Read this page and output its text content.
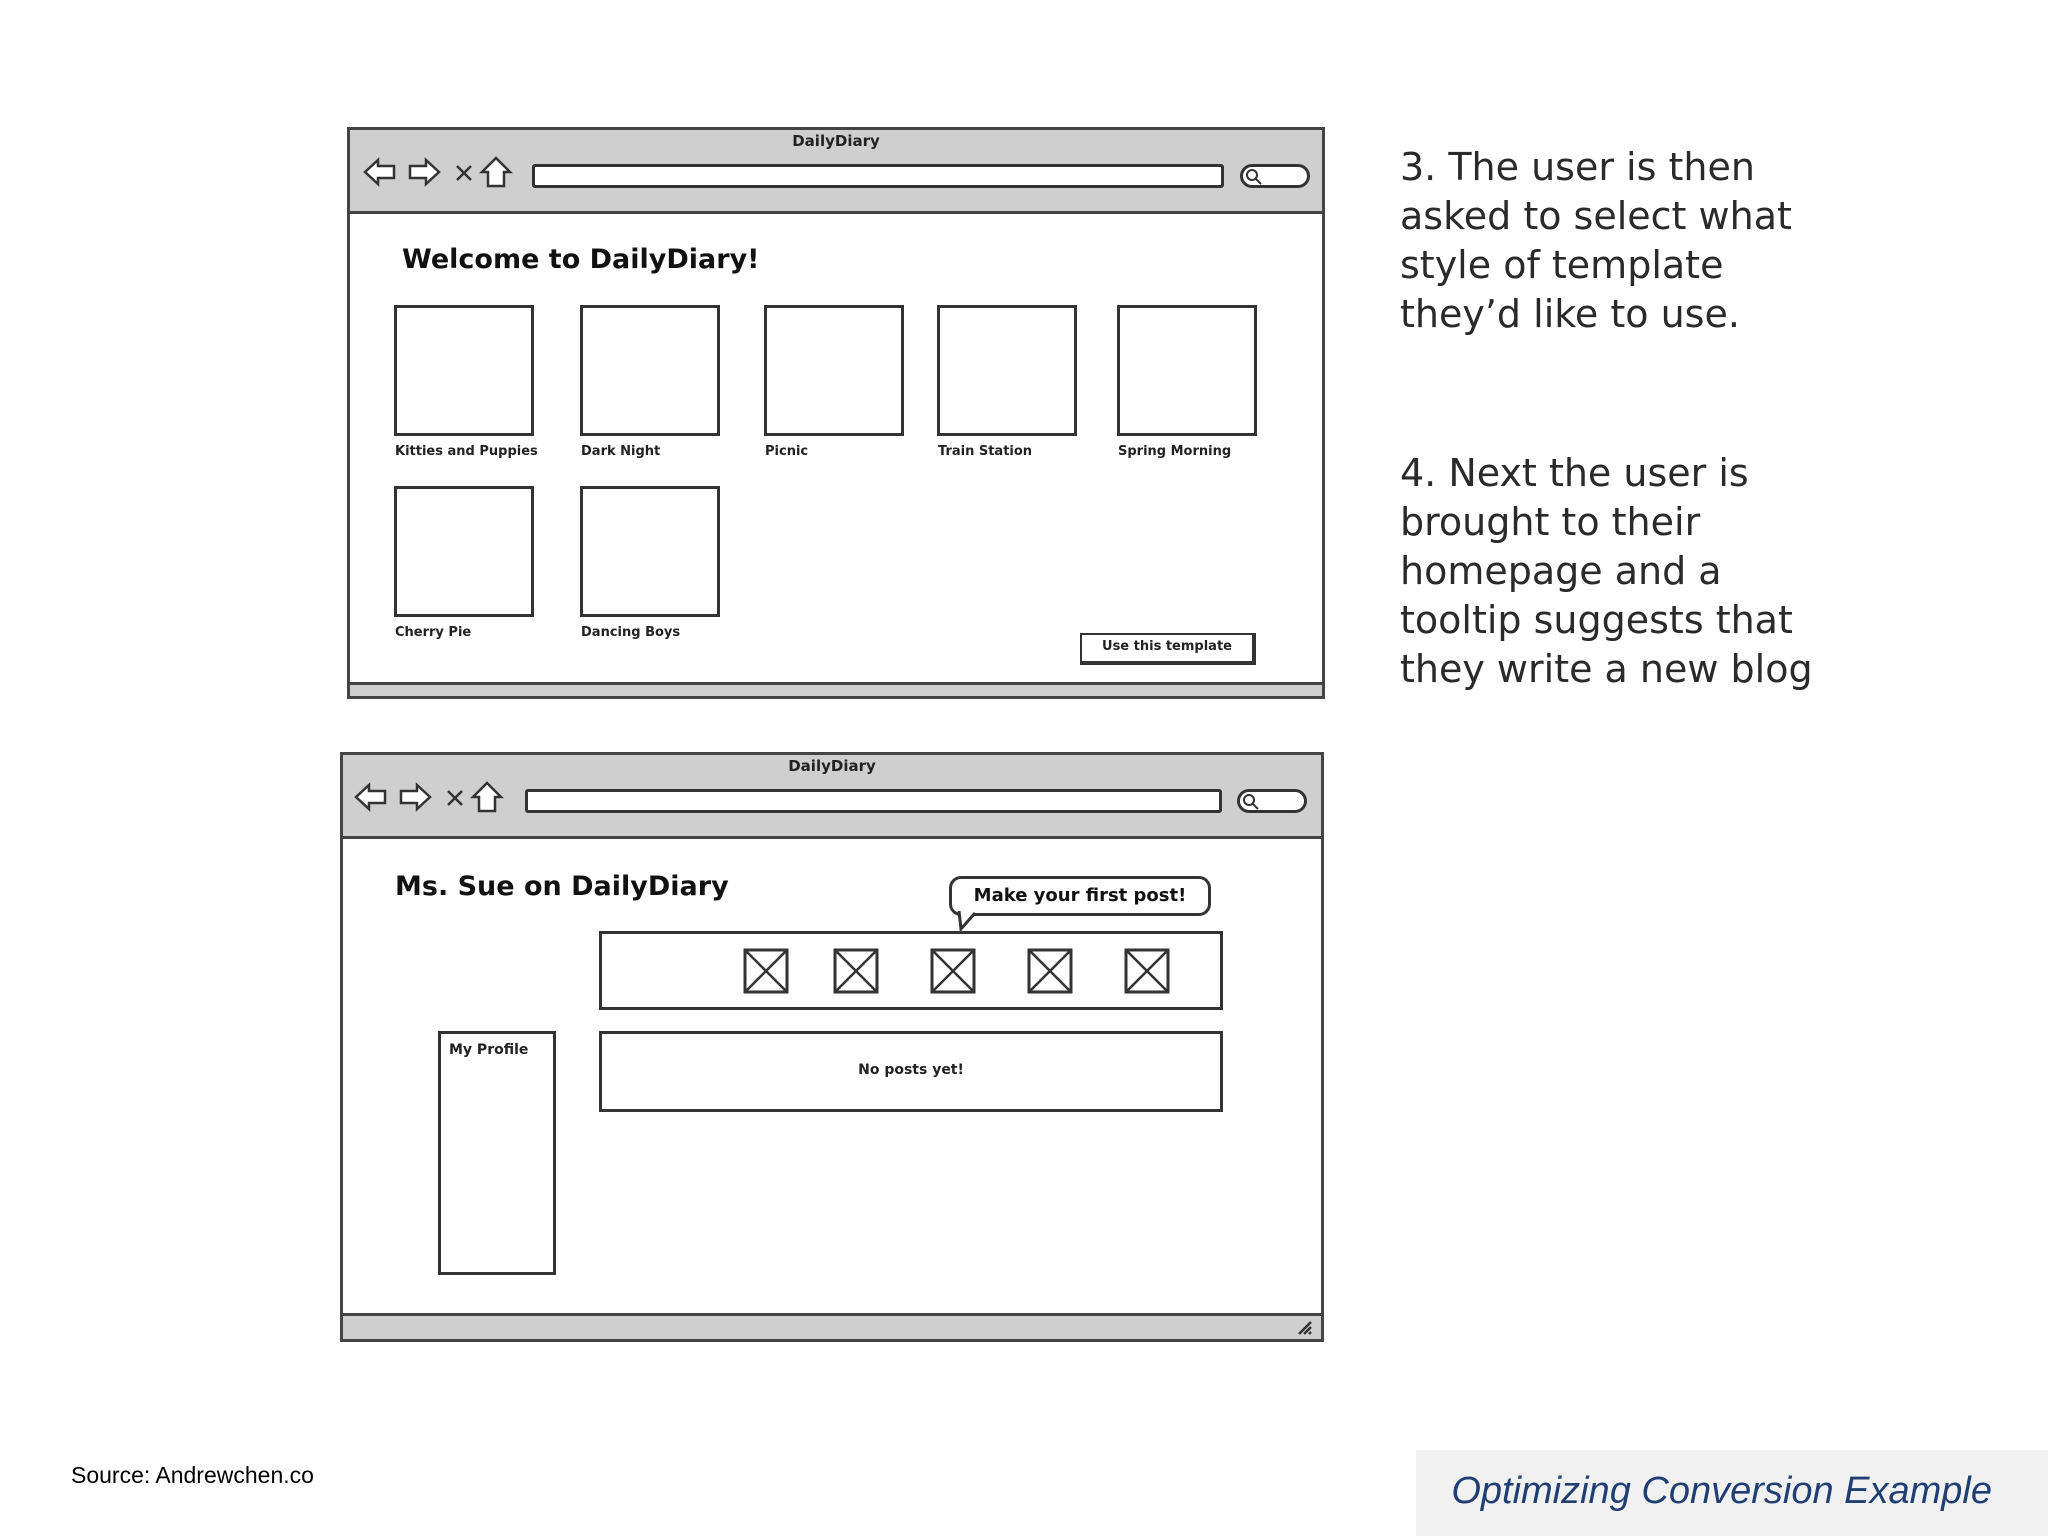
DailyDiary
Welcome to DailyDiary!
Kitties and Puppies	Dark Night	Picnic	Train Station	Spring Morning
Cherry Pie	Dancing Boys
Use this template
DailyDiary
Ms. Sue on DailyDiary	Make your first post!
No posts yet!
My Profile
3. The user is then
asked to select what
style of template
they’d like to use.
4. Next the user is
brought to their
homepage and a
tooltip suggests that
they write a new blog
Source: Andrewchen.co	Optimizing Conversion Example
